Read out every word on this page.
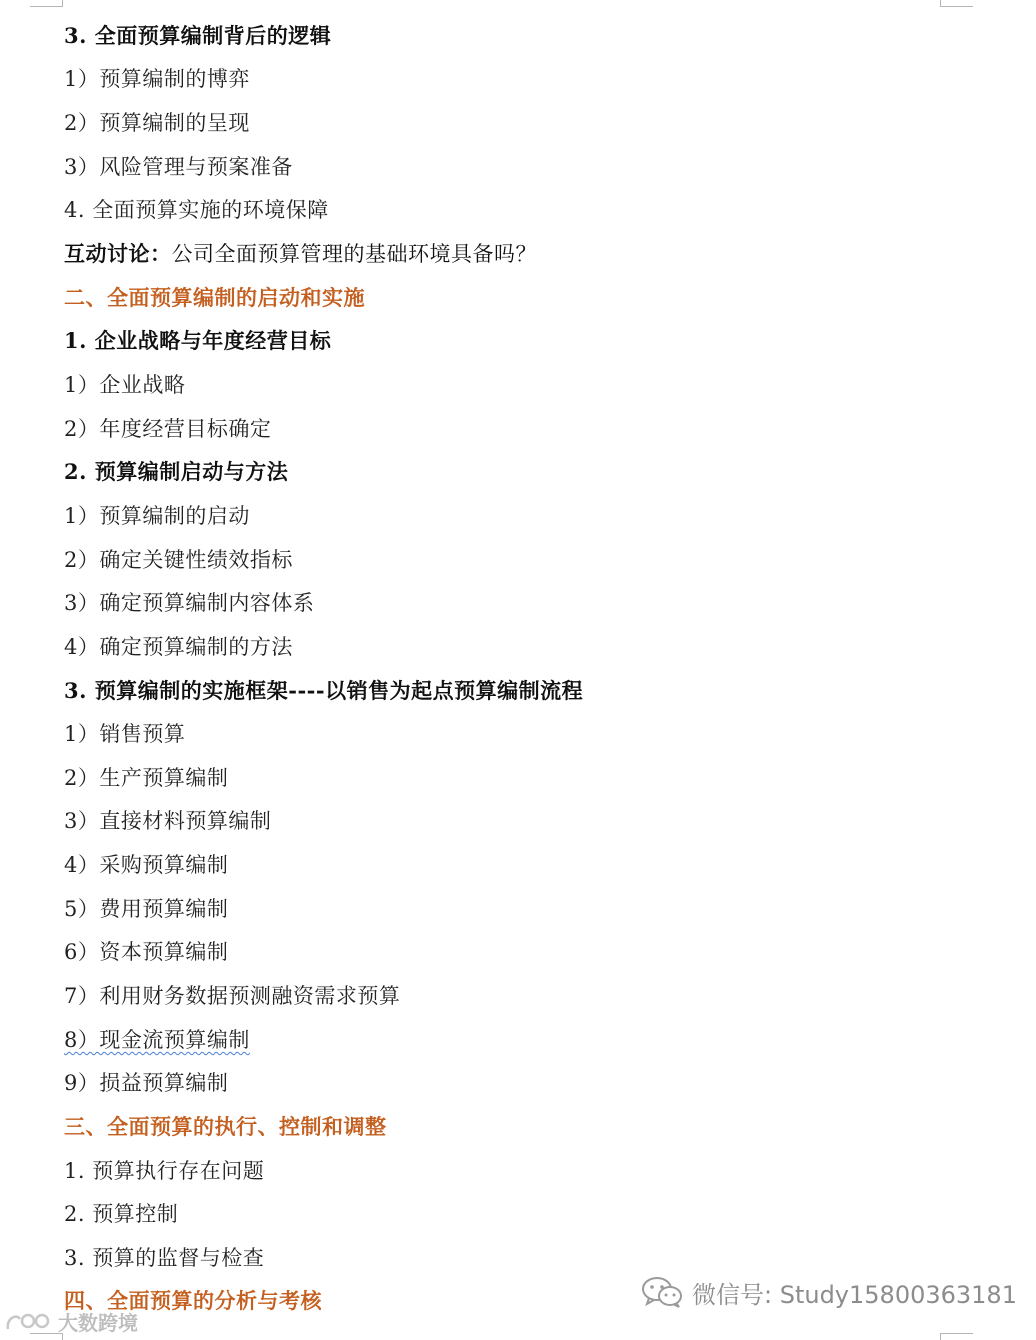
3. 全面预算编制背后的逻辑
1）预算编制的博弈
2）预算编制的呈现
3）风险管理与预案准备
4. 全面预算实施的环境保障
互动讨论：公司全面预算管理的基础环境具备吗？
二、全面预算编制的启动和实施
1. 企业战略与年度经营目标
1）企业战略
2）年度经营目标确定
2. 预算编制启动与方法
1）预算编制的启动
2）确定关键性绩效指标
3）确定预算编制内容体系
4）确定预算编制的方法
3. 预算编制的实施框架----以销售为起点预算编制流程
1）销售预算
2）生产预算编制
3）直接材料预算编制
4）采购预算编制
5）费用预算编制
6）资本预算编制
7）利用财务数据预测融资需求预算
8）现金流预算编制
9）损益预算编制
三、全面预算的执行、控制和调整
1. 预算执行存在问题
2. 预算控制
3. 预算的监督与检查
四、全面预算的分析与考核	微信号: Study15800363181
大数跨境
